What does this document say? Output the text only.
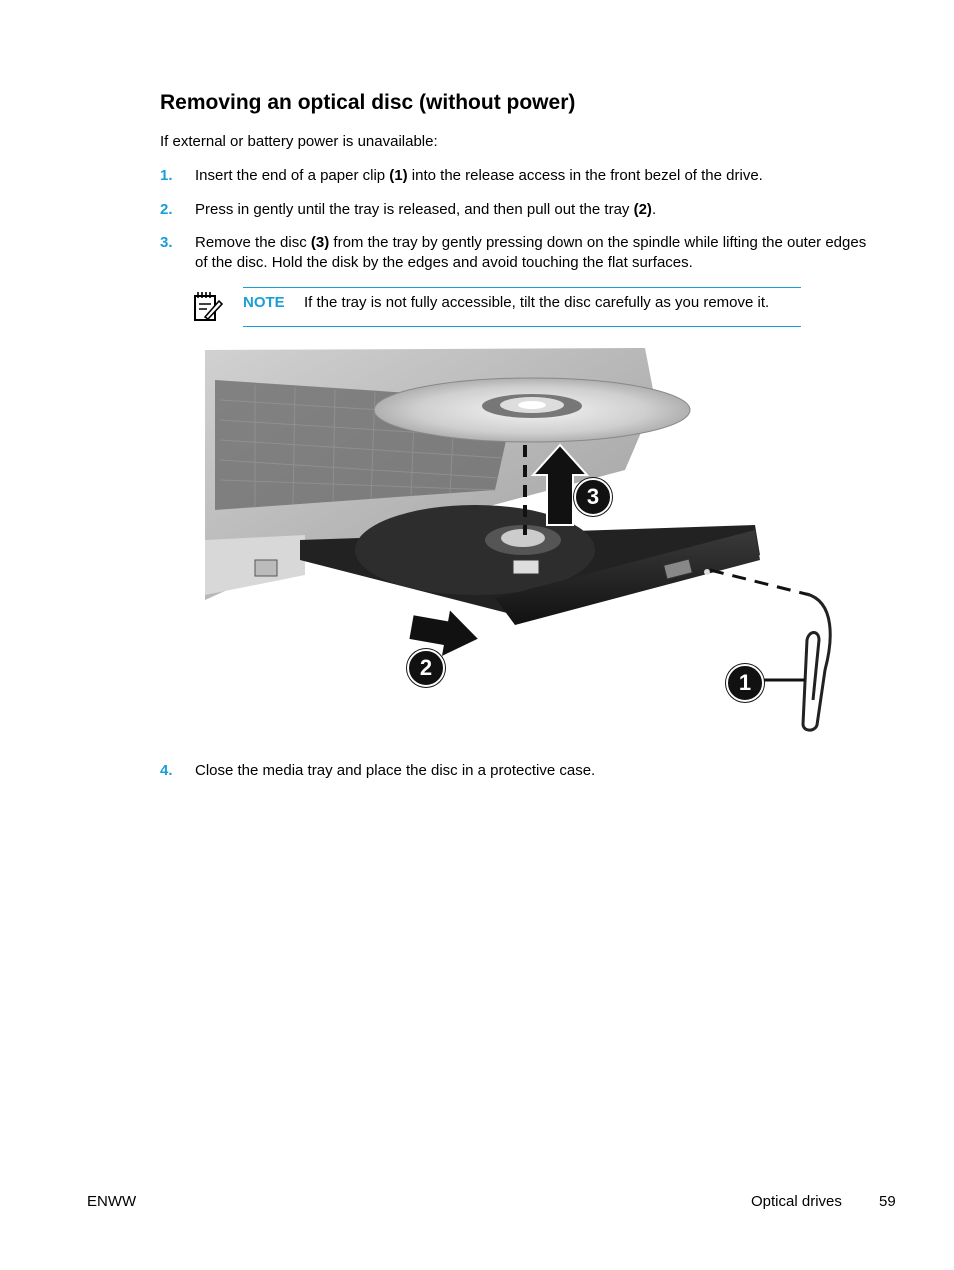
Removing an optical disc (without power)

If external or battery power is unavailable:

1. Insert the end of a paper clip (1) into the release access in the front bezel of the drive.
2. Press in gently until the tray is released, and then pull out the tray (2).
3. Remove the disc (3) from the tray by gently pressing down on the spindle while lifting the outer edges of the disc. Hold the disk by the edges and avoid touching the flat surfaces.
NOTE If the tray is not fully accessible, tilt the disc carefully as you remove it.
1
2
3
4. Close the media tray and place the disc in a protective case.
ENWW	Optical drives 59
